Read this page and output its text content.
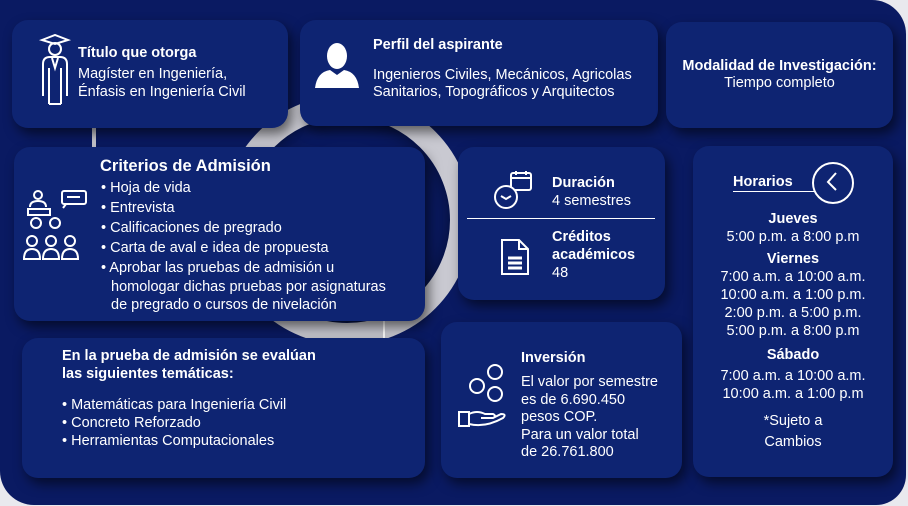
Título que otorga
Magíster en Ingeniería,
Énfasis en Ingeniería Civil
Perfil del aspirante
Ingenieros Civiles, Mecánicos, Agricolas
Sanitarios, Topográficos y Arquitectos
Modalidad de Investigación:
Tiempo completo
Criterios de Admisión
• Hoja de vida
• Entrevista
• Calificaciones de pregrado
• Carta de aval e idea de propuesta
• Aprobar las pruebas de admisión u
homologar dichas pruebas por asignaturas
de pregrado o cursos de nivelación
En la prueba de admisión se evalúan
las siguientes temáticas:
• Matemáticas para Ingeniería Civil
• Concreto Reforzado
• Herramientas Computacionales
Duración
4 semestres
Créditos
académicos
48
Inversión
El valor por semestre
es de 6.690.450
pesos COP.
Para un valor total
de 26.761.800
Horarios
Jueves
5:00 p.m. a 8:00 p.m
Viernes
7:00 a.m. a 10:00 a.m.
10:00 a.m. a 1:00 p.m.
2:00 p.m. a 5:00 p.m.
5:00 p.m. a 8:00 p.m
Sábado
7:00 a.m. a 10:00 a.m.
10:00 a.m. a 1:00 p.m
*Sujeto a
Cambios
